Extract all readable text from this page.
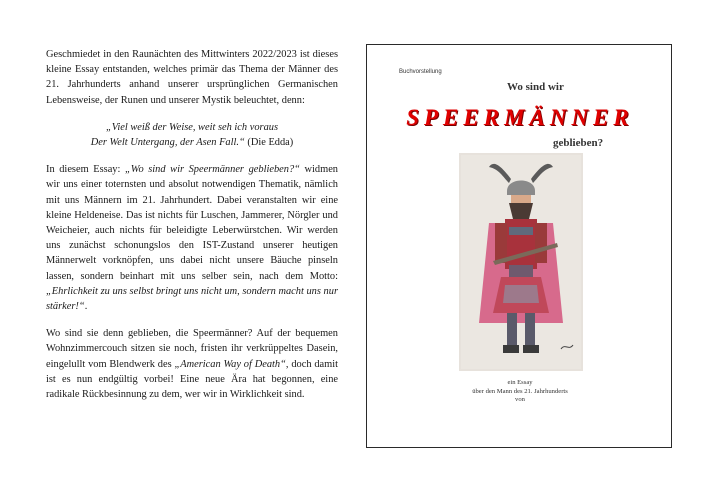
Geschmiedet in den Raunächten des Mittwinters 2022/2023 ist dieses kleine Essay entstanden, welches primär das Thema der Männer des 21. Jahrhunderts anhand unserer ursprünglichen Germanischen Lebensweise, der Runen und unserer Mystik beleuchtet, denn:

„Viel weiß der Weise, weit seh ich voraus
Der Welt Untergang, der Asen Fall.“ (Die Edda)

In diesem Essay: „Wo sind wir Speermänner geblieben?“ widmen wir uns einer toternsten und absolut notwendigen Thematik, nämlich mit uns Männern im 21. Jahrhundert. Dabei veranstalten wir eine kleine Heldeneise. Das ist nichts für Luschen, Jammerer, Nörgler und Weicheier, auch nichts für beleidigte Leberwürstchen. Wir werden uns zunächst schonungslos den IST-Zustand unserer heutigen Männerwelt vorknöpfen, uns dabei nicht unsere Bäuche pinseln lassen, sondern beinhart mit uns selber sein, nach dem Motto: „Ehrlichkeit zu uns selbst bringt uns nicht um, sondern macht uns nur stärker!“.

Wo sind sie denn geblieben, die Speermänner? Auf der bequemen Wohnzimmercouch sitzen sie noch, fristen ihr verkrüppeltes Dasein, eingelullt vom Blendwerk des „American Way of Death“, doch damit ist es nun endgültig vorbei! Eine neue Ära hat begonnen, eine radikale Rückbesinnung zu dem, wer wir in Wirklichkeit sind.

Buchvorstellung
Wo sind wir
SPEERMÄNNER
geblieben?
ein Essay
über den Mann des 21. Jahrhunderts
von
